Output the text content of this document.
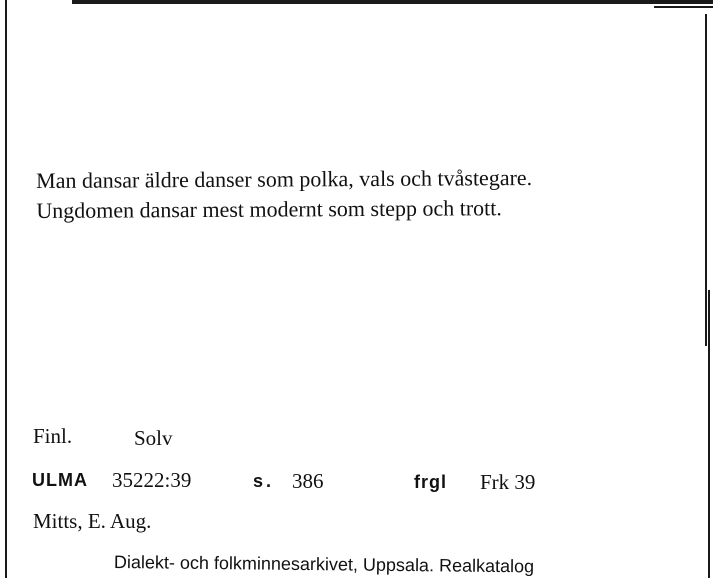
Man dansar äldre danser som polka, vals och tvåstegare.
Ungdomen dansar mest modernt som stepp och trott.
Finl.	Solv
ULMA 35222:39	s. 386	frgl Frk 39
Mitts, E. Aug.
Dialekt- och folkminnesarkivet, Uppsala. Realkatalog
